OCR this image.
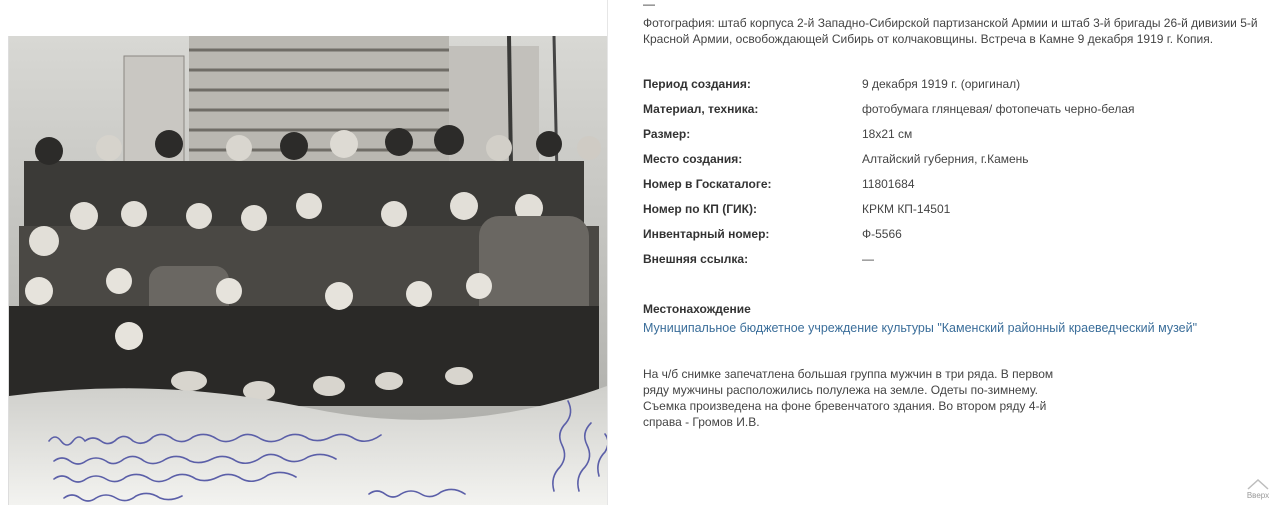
—
Фотография: штаб корпуса 2-й Западно-Сибирской партизанской Армии и штаб 3-й бригады 26-й дивизии 5-й Красной Армии, освобождающей Сибирь от колчаковщины. Встреча в Камне 9 декабря 1919 г. Копия.
Период создания:	9 декабря 1919 г. (оригинал)
Материал, техника:	фотобумага глянцевая/ фотопечать черно-белая
Размер:	18x21 см
Место создания:	Алтайский губерния, г.Камень
Номер в Госкаталоге:	11801684
Номер по КП (ГИК):	КРКМ КП-14501
Инвентарный номер:	Ф-5566
Внешняя ссылка:	—
Местонахождение
Муниципальное бюджетное учреждение культуры "Каменский районный краеведческий музей"
На ч/б снимке запечатлена большая группа мужчин в три ряда. В первом ряду мужчины расположились полулежа на земле. Одеты по-зимнему. Съемка произведена на фоне бревенчатого здания. Во втором ряду 4-й справа - Громов И.В.
Вверх
